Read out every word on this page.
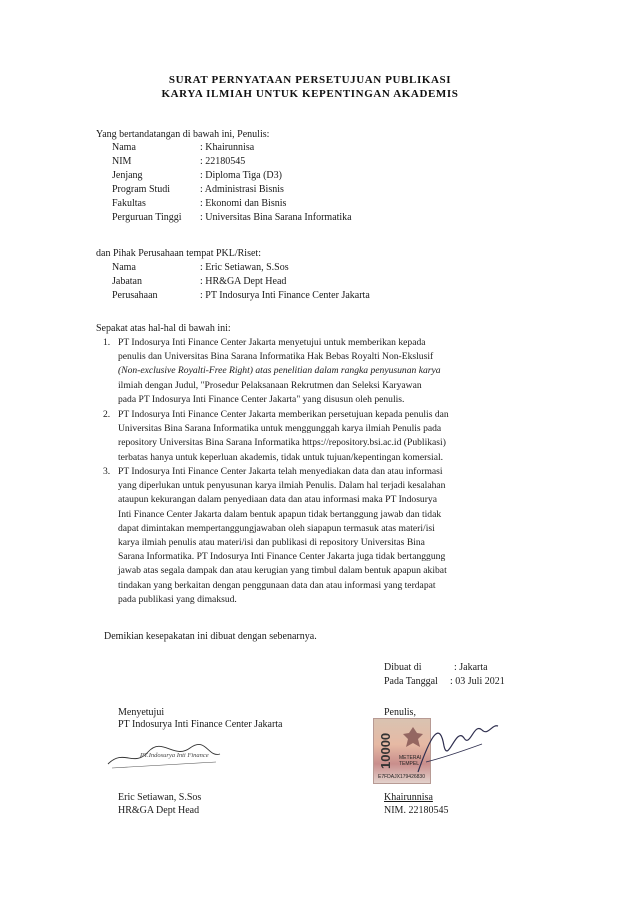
SURAT PERNYATAAN PERSETUJUAN PUBLIKASI
KARYA ILMIAH UNTUK KEPENTINGAN AKADEMIS
Yang bertandatangan di bawah ini, Penulis:
Nama	: Khairunnisa
NIM	: 22180545
Jenjang	: Diploma Tiga (D3)
Program Studi	: Administrasi Bisnis
Fakultas	: Ekonomi dan Bisnis
Perguruan Tinggi : Universitas Bina Sarana Informatika
dan Pihak Perusahaan tempat PKL/Riset:
Nama	: Eric Setiawan, S.Sos
Jabatan	: HR&GA Dept Head
Perusahaan	: PT Indosurya Inti Finance Center Jakarta
Sepakat atas hal-hal di bawah ini:
1. PT Indosurya Inti Finance Center Jakarta menyetujui untuk memberikan kepada
penulis dan Universitas Bina Sarana Informatika Hak Bebas Royalti Non-Ekslusif
(Non-exclusive Royalti-Free Right) atas penelitian dalam rangka penyusunan karya
ilmiah dengan Judul, "Prosedur Pelaksanaan Rekrutmen dan Seleksi Karyawan
pada PT Indosurya Inti Finance Center Jakarta" yang disusun oleh penulis.
2. PT Indosurya Inti Finance Center Jakarta memberikan persetujuan kepada penulis dan
Universitas Bina Sarana Informatika untuk menggunggah karya ilmiah Penulis pada
repository Universitas Bina Sarana Informatika https://repository.bsi.ac.id (Publikasi)
terbatas hanya untuk keperluan akademis, tidak untuk tujuan/kepentingan komersial.
3. PT Indosurya Inti Finance Center Jakarta telah menyediakan data dan atau informasi
yang diperlukan untuk penyusunan karya ilmiah Penulis. Dalam hal terjadi kesalahan
ataupun kekurangan dalam penyediaan data dan atau informasi maka PT Indosurya
Inti Finance Center Jakarta dalam bentuk apapun tidak bertanggung jawab dan tidak
dapat dimintakan mempertanggungjawaban oleh siapapun termasuk atas materi/isi
karya ilmiah penulis atau materi/isi dan publikasi di repository Universitas Bina
Sarana Informatika. PT Indosurya Inti Finance Center Jakarta juga tidak bertanggung
jawab atas segala dampak dan atau kerugian yang timbul dalam bentuk apapun akibat
tindakan yang berkaitan dengan penggunaan data dan atau informasi yang terdapat
pada publikasi yang dimaksud.
Demikian kesepakatan ini dibuat dengan sebenarnya.
Dibuat di	: Jakarta
Pada Tanggal : 03 Juli 2021
Menyetujui
PT Indosurya Inti Finance Center Jakarta
PT.Indosurya Inti Finance
Eric Setiawan, S.Sos
HR&GA Dept Head
Penulis,
10000 METERAI TEMPEL
E7FDAJX179426830
Khairunnisa
NIM. 22180545
